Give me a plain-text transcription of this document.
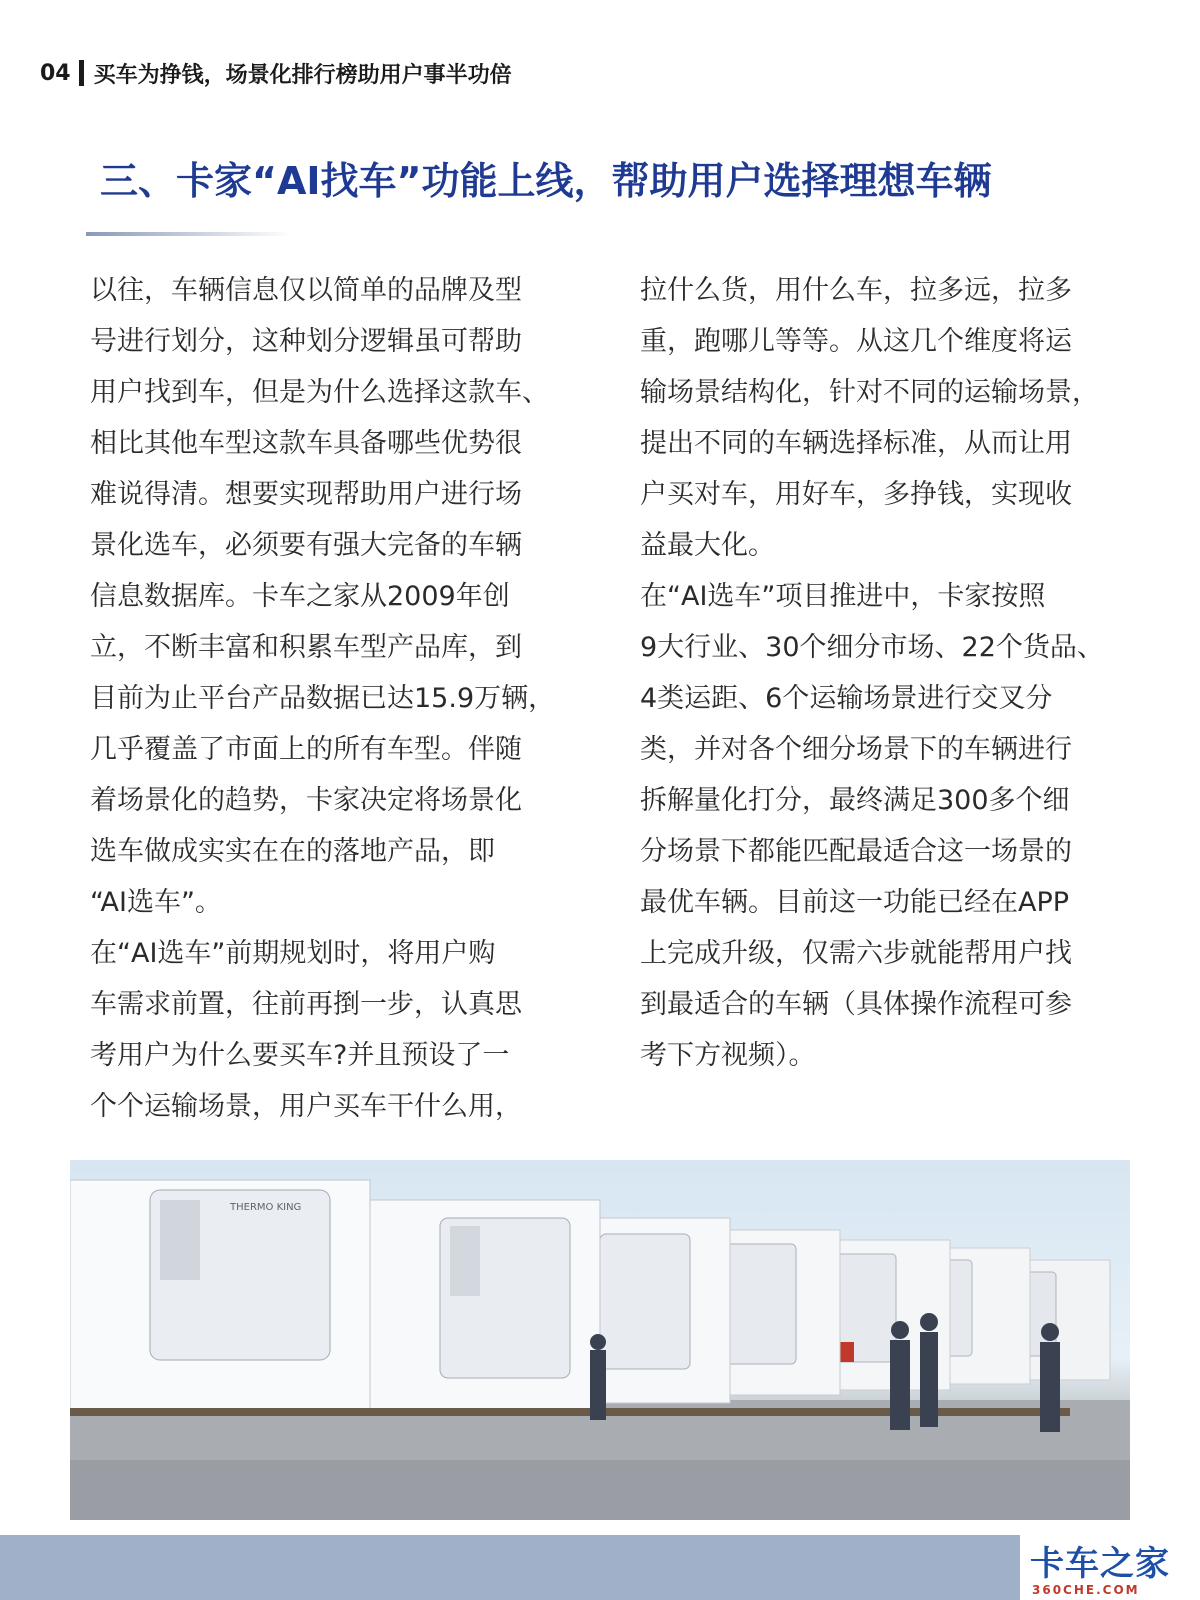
04 买车为挣钱，场景化排行榜助用户事半功倍
三、卡家“AI找车”功能上线，帮助用户选择理想车辆
以往，车辆信息仅以简单的品牌及型
号进行划分，这种划分逻辑虽可帮助
用户找到车，但是为什么选择这款车、
相比其他车型这款车具备哪些优势很
难说得清。想要实现帮助用户进行场
景化选车，必须要有强大完备的车辆
信息数据库。卡车之家从2009年创
立，不断丰富和积累车型产品库，到
目前为止平台产品数据已达15.9万辆，
几乎覆盖了市面上的所有车型。伴随
着场景化的趋势，卡家决定将场景化
选车做成实实在在的落地产品，即
“AI选车”。
在“AI选车”前期规划时，将用户购
车需求前置，往前再捯一步，认真思
考用户为什么要买车?并且预设了一
个个运输场景，用户买车干什么用，
拉什么货，用什么车，拉多远，拉多
重，跑哪儿等等。从这几个维度将运
输场景结构化，针对不同的运输场景，
提出不同的车辆选择标准，从而让用
户买对车，用好车，多挣钱，实现收
益最大化。
在“AI选车”项目推进中，卡家按照
9大行业、30个细分市场、22个货品、
4类运距、6个运输场景进行交叉分
类，并对各个细分场景下的车辆进行
拆解量化打分，最终满足300多个细
分场景下都能匹配最适合这一场景的
最优车辆。目前这一功能已经在APP
上完成升级，仅需六步就能帮用户找
到最适合的车辆（具体操作流程可参
考下方视频）。
THERMO KING
卡车之家
360CHE.COM
